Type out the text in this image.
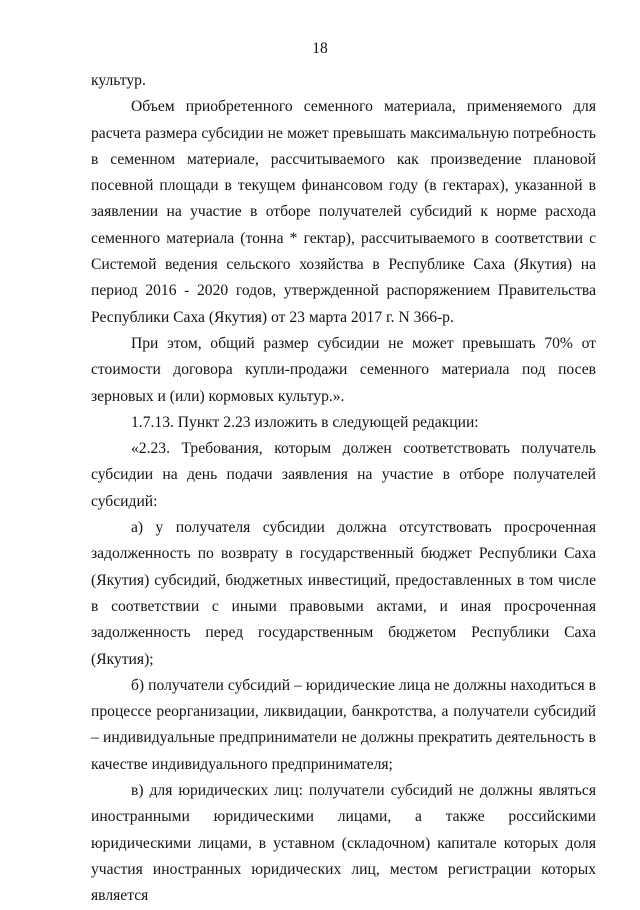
18

культур.

Объем приобретенного семенного материала, применяемого для расчета размера субсидии не может превышать максимальную потребность в семенном материале, рассчитываемого как произведение плановой посевной площади в текущем финансовом году (в гектарах), указанной в заявлении на участие в отборе получателей субсидий к норме расхода семенного материала (тонна * гектар), рассчитываемого в соответствии с Системой ведения сельского хозяйства в Республике Саха (Якутия) на период 2016 - 2020 годов, утвержденной распоряжением Правительства Республики Саха (Якутия) от 23 марта 2017 г. N 366-р.

При этом, общий размер субсидии не может превышать 70% от стоимости договора купли-продажи семенного материала под посев зерновых и (или) кормовых культур.».

1.7.13. Пункт 2.23 изложить в следующей редакции:

«2.23. Требования, которым должен соответствовать получатель субсидии на день подачи заявления на участие в отборе получателей субсидий:

а) у получателя субсидии должна отсутствовать просроченная задолженность по возврату в государственный бюджет Республики Саха (Якутия) субсидий, бюджетных инвестиций, предоставленных в том числе в соответствии с иными правовыми актами, и иная просроченная задолженность перед государственным бюджетом Республики Саха (Якутия);

б) получатели субсидий – юридические лица не должны находиться в процессе реорганизации, ликвидации, банкротства, а получатели субсидий – индивидуальные предприниматели не должны прекратить деятельность в качестве индивидуального предпринимателя;

в) для юридических лиц: получатели субсидий не должны являться иностранными юридическими лицами, а также российскими юридическими лицами, в уставном (складочном) капитале которых доля участия иностранных юридических лиц, местом регистрации которых является
